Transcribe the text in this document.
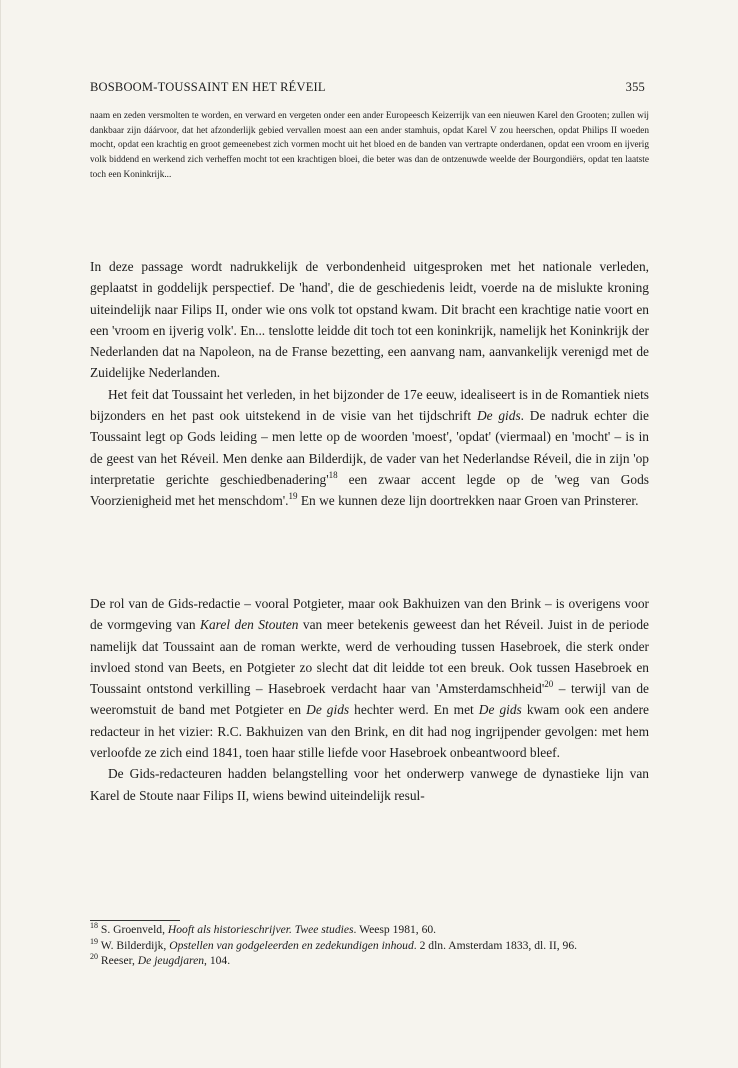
BOSBOOM-TOUSSAINT EN HET RÉVEIL	355
naam en zeden versmolten te worden, en verward en vergeten onder een ander Europeesch Keizerrijk van een nieuwen Karel den Grooten; zullen wij dankbaar zijn dáárvoor, dat het afzonderlijk gebied vervallen moest aan een ander stamhuis, opdat Karel V zou heerschen, opdat Philips II woeden mocht, opdat een krachtig en groot gemeenebest zich vormen mocht uit het bloed en de banden van vertrapte onderdanen, opdat een vroom en ijverig volk biddend en werkend zich verheffen mocht tot een krachtigen bloei, die beter was dan de ontzenuwde weelde der Bourgondiërs, opdat ten laatste toch een Koninkrijk...

In deze passage wordt nadrukkelijk de verbondenheid uitgesproken met het nationale verleden, geplaatst in goddelijk perspectief. De 'hand', die de geschiedenis leidt, voerde na de mislukte kroning uiteindelijk naar Filips II, onder wie ons volk tot opstand kwam. Dit bracht een krachtige natie voort en een 'vroom en ijverig volk'. En... tenslotte leidde dit toch tot een koninkrijk, namelijk het Koninkrijk der Nederlanden dat na Napoleon, na de Franse bezetting, een aanvang nam, aanvankelijk verenigd met de Zuidelijke Nederlanden.

Het feit dat Toussaint het verleden, in het bijzonder de 17e eeuw, idealiseert is in de Romantiek niets bijzonders en het past ook uitstekend in de visie van het tijdschrift De gids. De nadruk echter die Toussaint legt op Gods leiding – men lette op de woorden 'moest', 'opdat' (viermaal) en 'mocht' – is in de geest van het Réveil. Men denke aan Bilderdijk, de vader van het Nederlandse Réveil, die in zijn 'op interpretatie gerichte $geschiedbenadering'^{18}$ een zwaar accent legde op de 'weg van Gods Voorzienigheid met het menschdom'.$^{19}$ En we kunnen deze lijn doortrekken naar Groen van Prinsterer.

De rol van de Gids-redactie – vooral Potgieter, maar ook Bakhuizen van den Brink – is overigens voor de vormgeving van Karel den Stouten van meer betekenis geweest dan het Réveil. Juist in de periode namelijk dat Toussaint aan de roman werkte, werd de verhouding tussen Hasebroek, die sterk onder invloed stond van Beets, en Potgieter zo slecht dat dit leidde tot een breuk. Ook tussen Hasebroek en Toussaint ontstond verkilling – Hasebroek verdacht haar van '$Amsterdamschheid'^{20}$ – terwijl van de weeromstuit de band met Potgieter en De gids hechter werd. En met De gids kwam ook een andere redacteur in het vizier: R.C. Bakhuizen van den Brink, en dit had nog ingrijpender gevolgen: met hem verloofde ze zich eind 1841, toen haar stille liefde voor Hasebroek onbeantwoord bleef.

De Gids-redacteuren hadden belangstelling voor het onderwerp vanwege de dynastieke lijn van Karel de Stoute naar Filips II, wiens bewind uiteindelijk resul-

$^{18}$ S. Groenveld, Hooft als historieschrijver. Twee studies. Weesp 1981, 60.
$^{19}$ W. Bilderdijk, Opstellen van godgeleerden en zedekundigen inhoud. 2 dln. Amsterdam 1833, dl. II, 96.
$^{20}$ Reeser, De jeugdjaren, 104.
